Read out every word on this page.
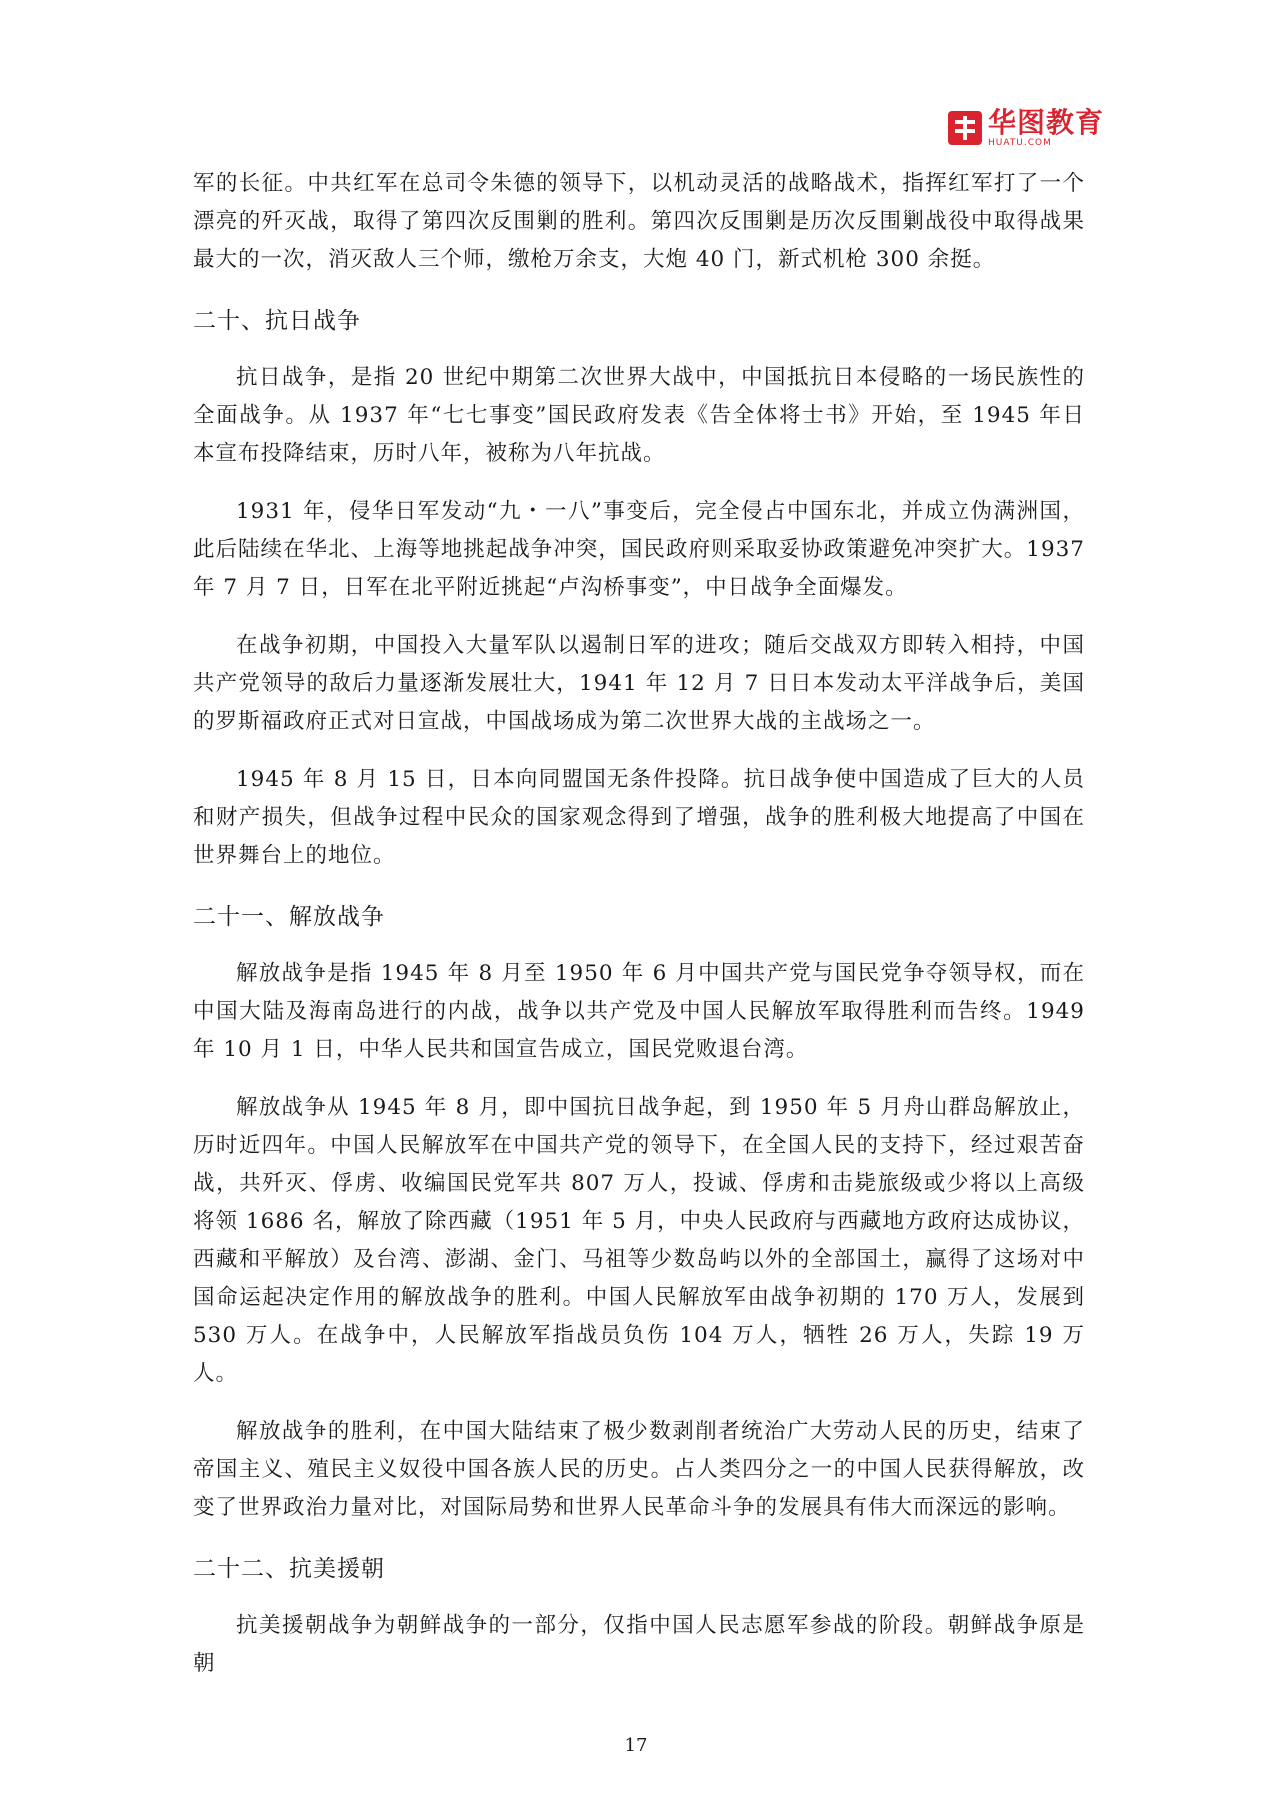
华图教育
HUATU.COM

军的长征。中共红军在总司令朱德的领导下，以机动灵活的战略战术，指挥红军打了一个漂亮的歼灭战，取得了第四次反围剿的胜利。第四次反围剿是历次反围剿战役中取得战果最大的一次，消灭敌人三个师，缴枪万余支，大炮 40 门，新式机枪 300 余挺。

二十、抗日战争

抗日战争，是指 20 世纪中期第二次世界大战中，中国抵抗日本侵略的一场民族性的全面战争。从 1937 年“七七事变”国民政府发表《告全体将士书》开始，至 1945 年日本宣布投降结束，历时八年，被称为八年抗战。

1931 年，侵华日军发动“九・一八”事变后，完全侵占中国东北，并成立伪满洲国，此后陆续在华北、上海等地挑起战争冲突，国民政府则采取妥协政策避免冲突扩大。1937 年 7 月 7 日，日军在北平附近挑起“卢沟桥事变”，中日战争全面爆发。

在战争初期，中国投入大量军队以遏制日军的进攻；随后交战双方即转入相持，中国共产党领导的敌后力量逐渐发展壮大，1941 年 12 月 7 日日本发动太平洋战争后，美国的罗斯福政府正式对日宣战，中国战场成为第二次世界大战的主战场之一。

1945 年 8 月 15 日，日本向同盟国无条件投降。抗日战争使中国造成了巨大的人员和财产损失，但战争过程中民众的国家观念得到了增强，战争的胜利极大地提高了中国在世界舞台上的地位。

二十一、解放战争

解放战争是指 1945 年 8 月至 1950 年 6 月中国共产党与国民党争夺领导权，而在中国大陆及海南岛进行的内战，战争以共产党及中国人民解放军取得胜利而告终。1949 年 10 月 1 日，中华人民共和国宣告成立，国民党败退台湾。

解放战争从 1945 年 8 月，即中国抗日战争起，到 1950 年 5 月舟山群岛解放止，历时近四年。中国人民解放军在中国共产党的领导下，在全国人民的支持下，经过艰苦奋战，共歼灭、俘虏、收编国民党军共 807 万人，投诚、俘虏和击毙旅级或少将以上高级将领 1686 名，解放了除西藏（1951 年 5 月，中央人民政府与西藏地方政府达成协议，西藏和平解放）及台湾、澎湖、金门、马祖等少数岛屿以外的全部国土，赢得了这场对中国命运起决定作用的解放战争的胜利。中国人民解放军由战争初期的 170 万人，发展到 530 万人。在战争中，人民解放军指战员负伤 104 万人，牺牲 26 万人，失踪 19 万人。

解放战争的胜利，在中国大陆结束了极少数剥削者统治广大劳动人民的历史，结束了帝国主义、殖民主义奴役中国各族人民的历史。占人类四分之一的中国人民获得解放，改变了世界政治力量对比，对国际局势和世界人民革命斗争的发展具有伟大而深远的影响。

二十二、抗美援朝

抗美援朝战争为朝鲜战争的一部分，仅指中国人民志愿军参战的阶段。朝鲜战争原是朝

17
